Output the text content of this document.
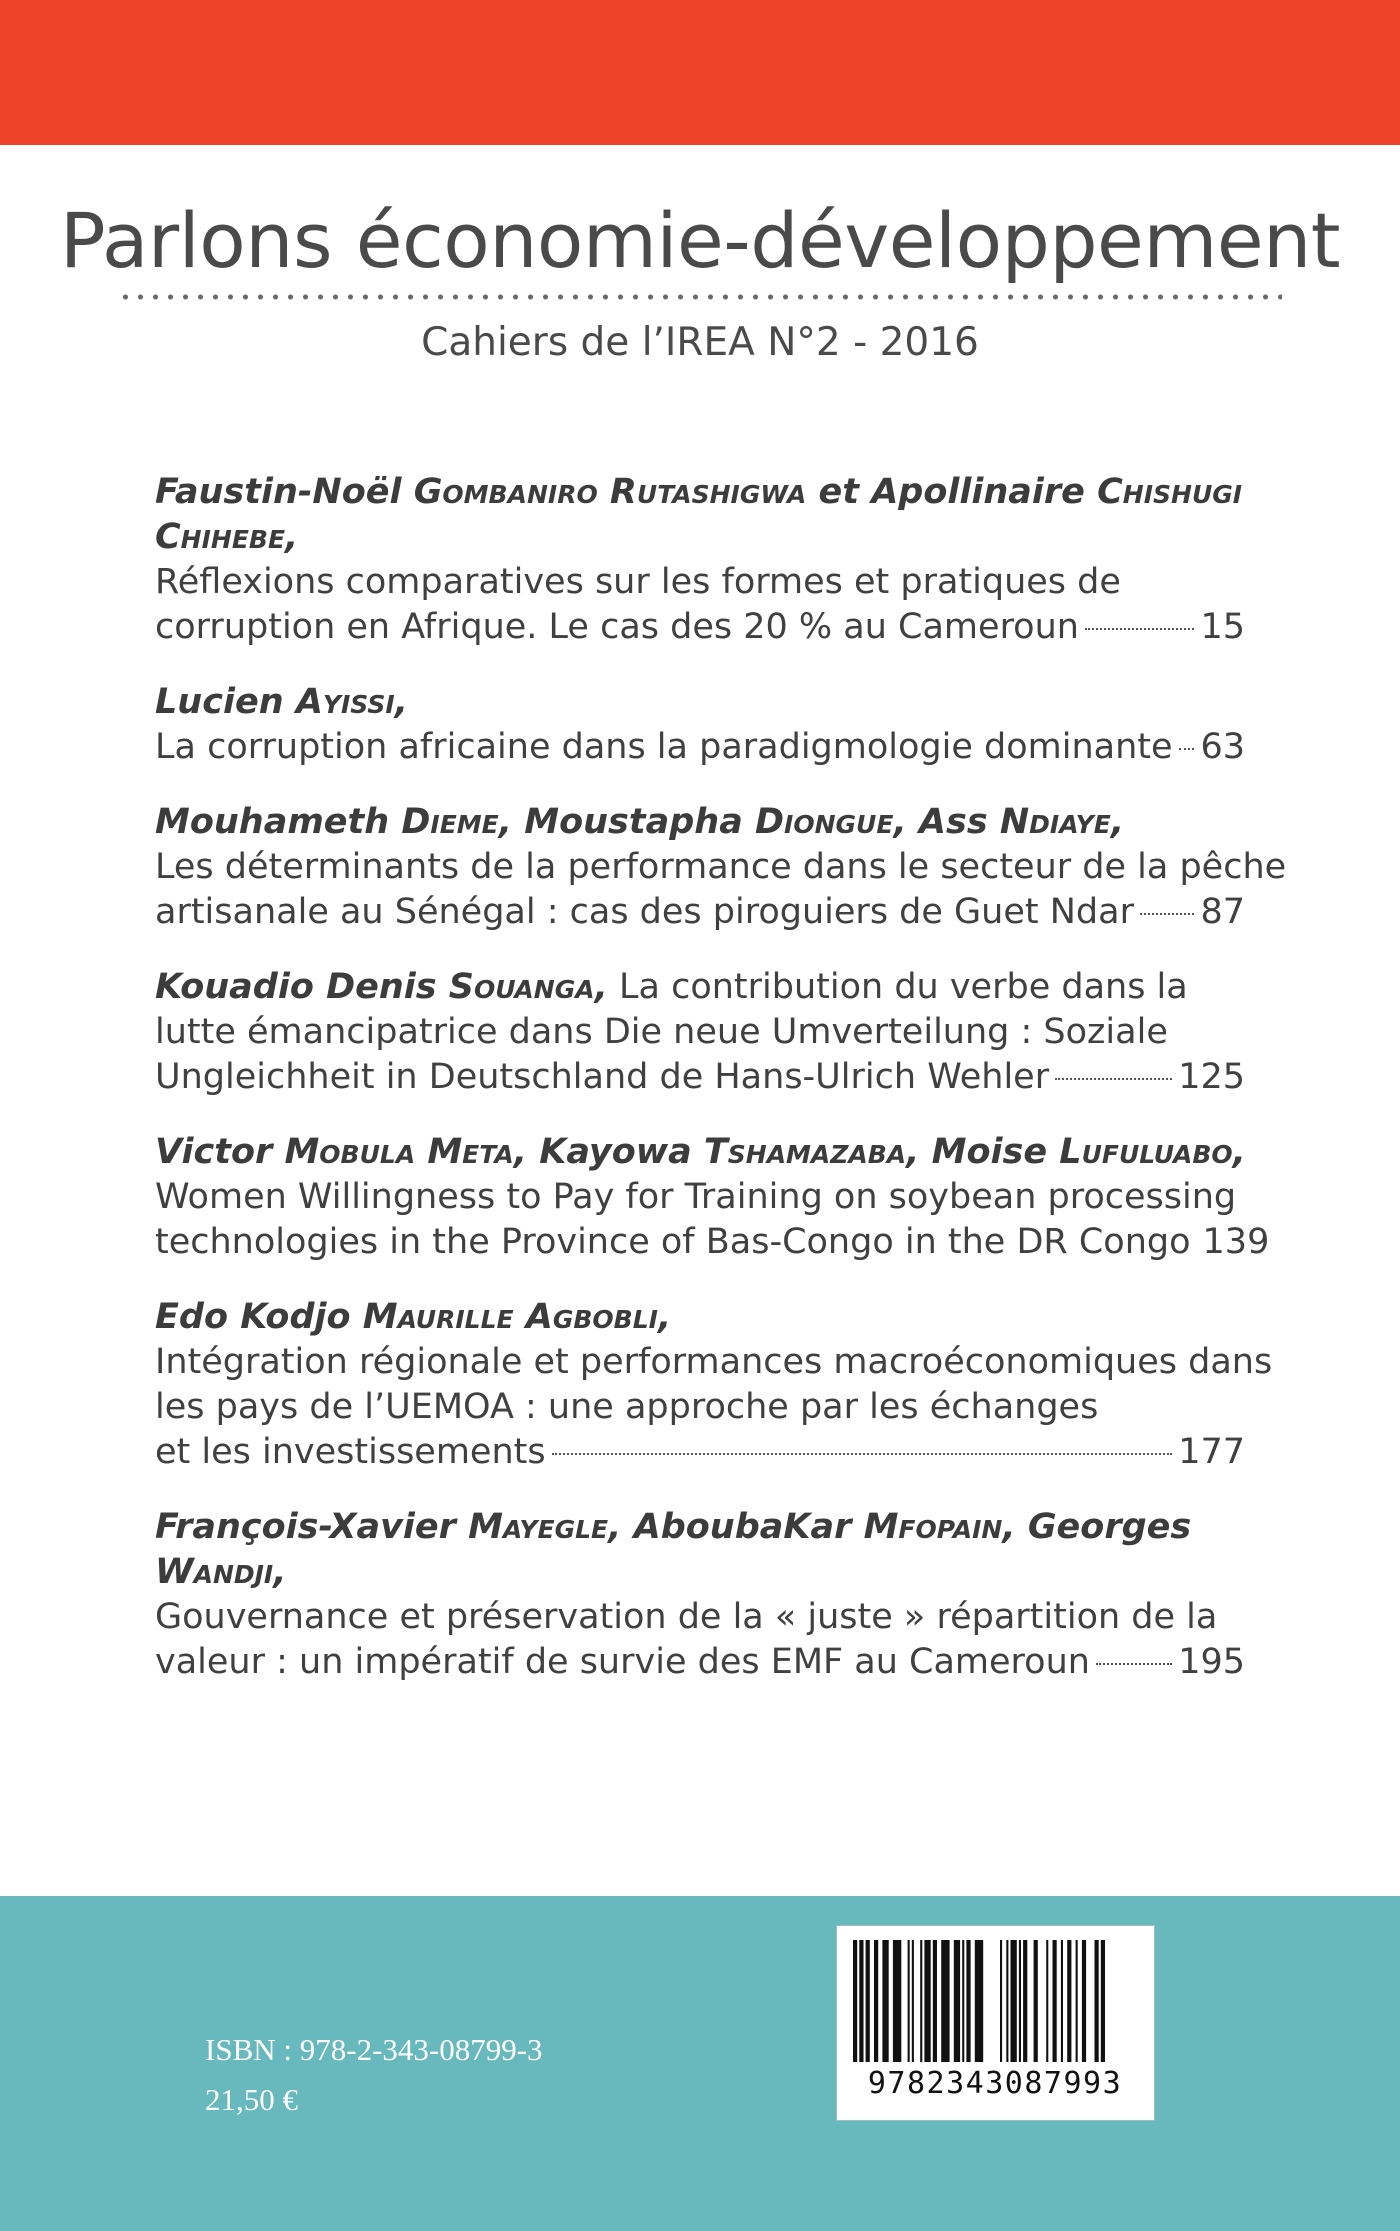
Parlons économie-développement
Cahiers de l’IREA N°2 - 2016
Faustin-Noël Gombaniro Rutashigwa et Apollinaire Chishugi
Chihebe,
Réflexions comparatives sur les formes et pratiques de
corruption en Afrique. Le cas des 20 % au Cameroun	15
Lucien Ayissi,
La corruption africaine dans la paradigmologie dominante 63
Mouhameth Dieme, Moustapha Diongue, Ass Ndiaye,
Les déterminants de la performance dans le secteur de la pêche
artisanale au Sénégal : cas des piroguiers de Guet Ndar 87
Kouadio Denis Souanga, La contribution du verbe dans la
lutte émancipatrice dans Die neue Umverteilung : Soziale
Ungleichheit in Deutschland de Hans-Ulrich Wehler	125
Victor Mobula Meta, Kayowa Tshamazaba, Moise Lufuluabo,
Women Willingness to Pay for Training on soybean processing
technologies in the Province of Bas-Congo in the DR Congo 139
Edo Kodjo Maurille Agbobli,
Intégration régionale et performances macroéconomiques dans
les pays de l’UEMOA : une approche par les échanges
et les investissements	177
François-Xavier Mayegle, AboubaKar Mfopain, Georges
Wandji,
Gouvernance et préservation de la « juste » répartition de la
valeur : un impératif de survie des EMF au Cameroun	195
ISBN : 978-2-343-08799-3
21,50 €	9782343087993
